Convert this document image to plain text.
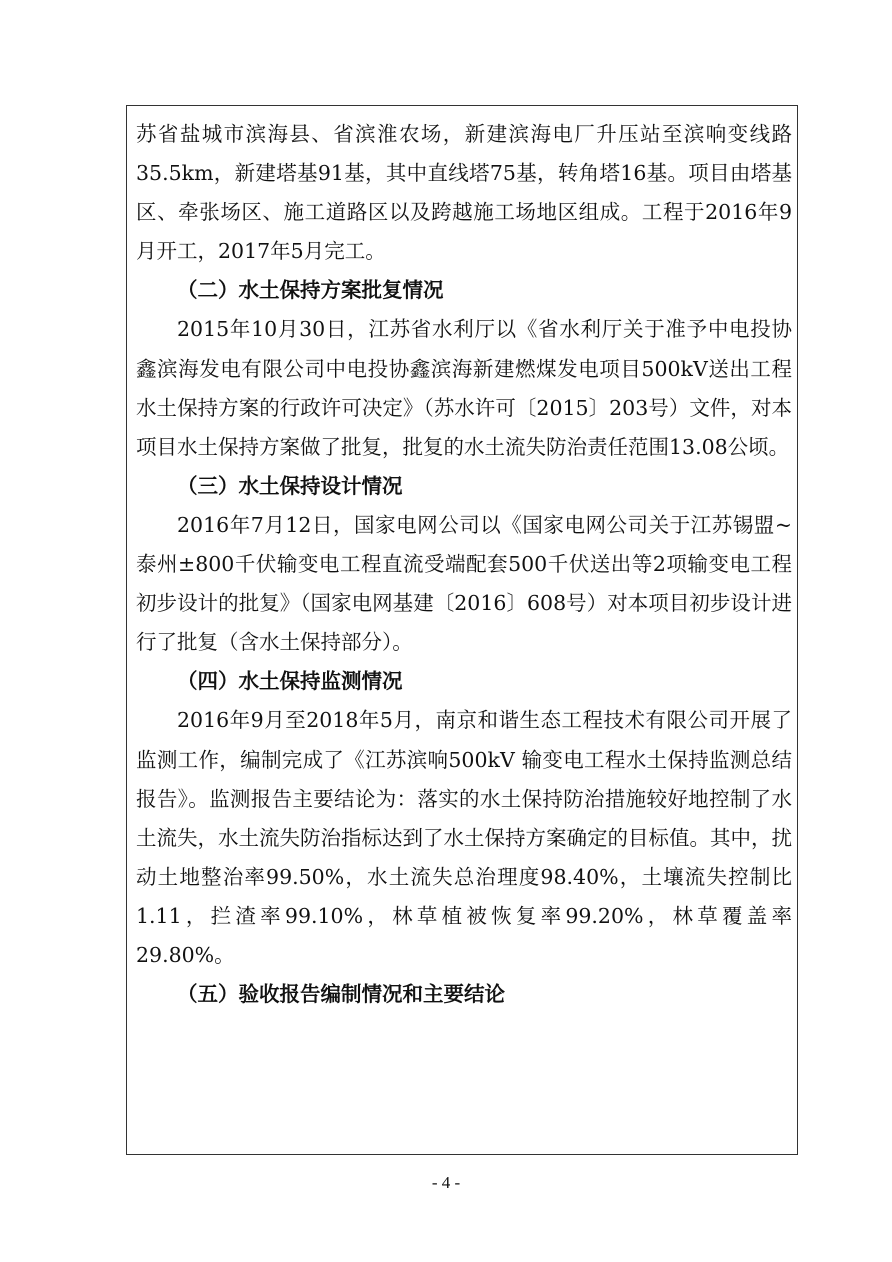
苏省盐城市滨海县、省滨淮农场，新建滨海电厂升压站至滨响变线路35.5km，新建塔基91基，其中直线塔75基，转角塔16基。项目由塔基区、牵张场区、施工道路区以及跨越施工场地区组成。工程于2016年9月开工，2017年5月完工。

（二）水土保持方案批复情况

2015年10月30日，江苏省水利厅以《省水利厅关于准予中电投协鑫滨海发电有限公司中电投协鑫滨海新建燃煤发电项目500kV送出工程水土保持方案的行政许可决定》（苏水许可〔2015〕203号）文件，对本项目水土保持方案做了批复，批复的水土流失防治责任范围13.08公顷。

（三）水土保持设计情况

2016年7月12日，国家电网公司以《国家电网公司关于江苏锡盟~泰州±800千伏输变电工程直流受端配套500千伏送出等2项输变电工程初步设计的批复》（国家电网基建〔2016〕608号）对本项目初步设计进行了批复（含水土保持部分）。

（四）水土保持监测情况

2016年9月至2018年5月，南京和谐生态工程技术有限公司开展了监测工作，编制完成了《江苏滨响500kV 输变电工程水土保持监测总结报告》。监测报告主要结论为：落实的水土保持防治措施较好地控制了水土流失，水土流失防治指标达到了水土保持方案确定的目标值。其中，扰动土地整治率99.50%，水土流失总治理度98.40%，土壤流失控制比1.11，拦渣率99.10%，林草植被恢复率99.20%，林草覆盖率29.80%。

（五）验收报告编制情况和主要结论

- 4 -
